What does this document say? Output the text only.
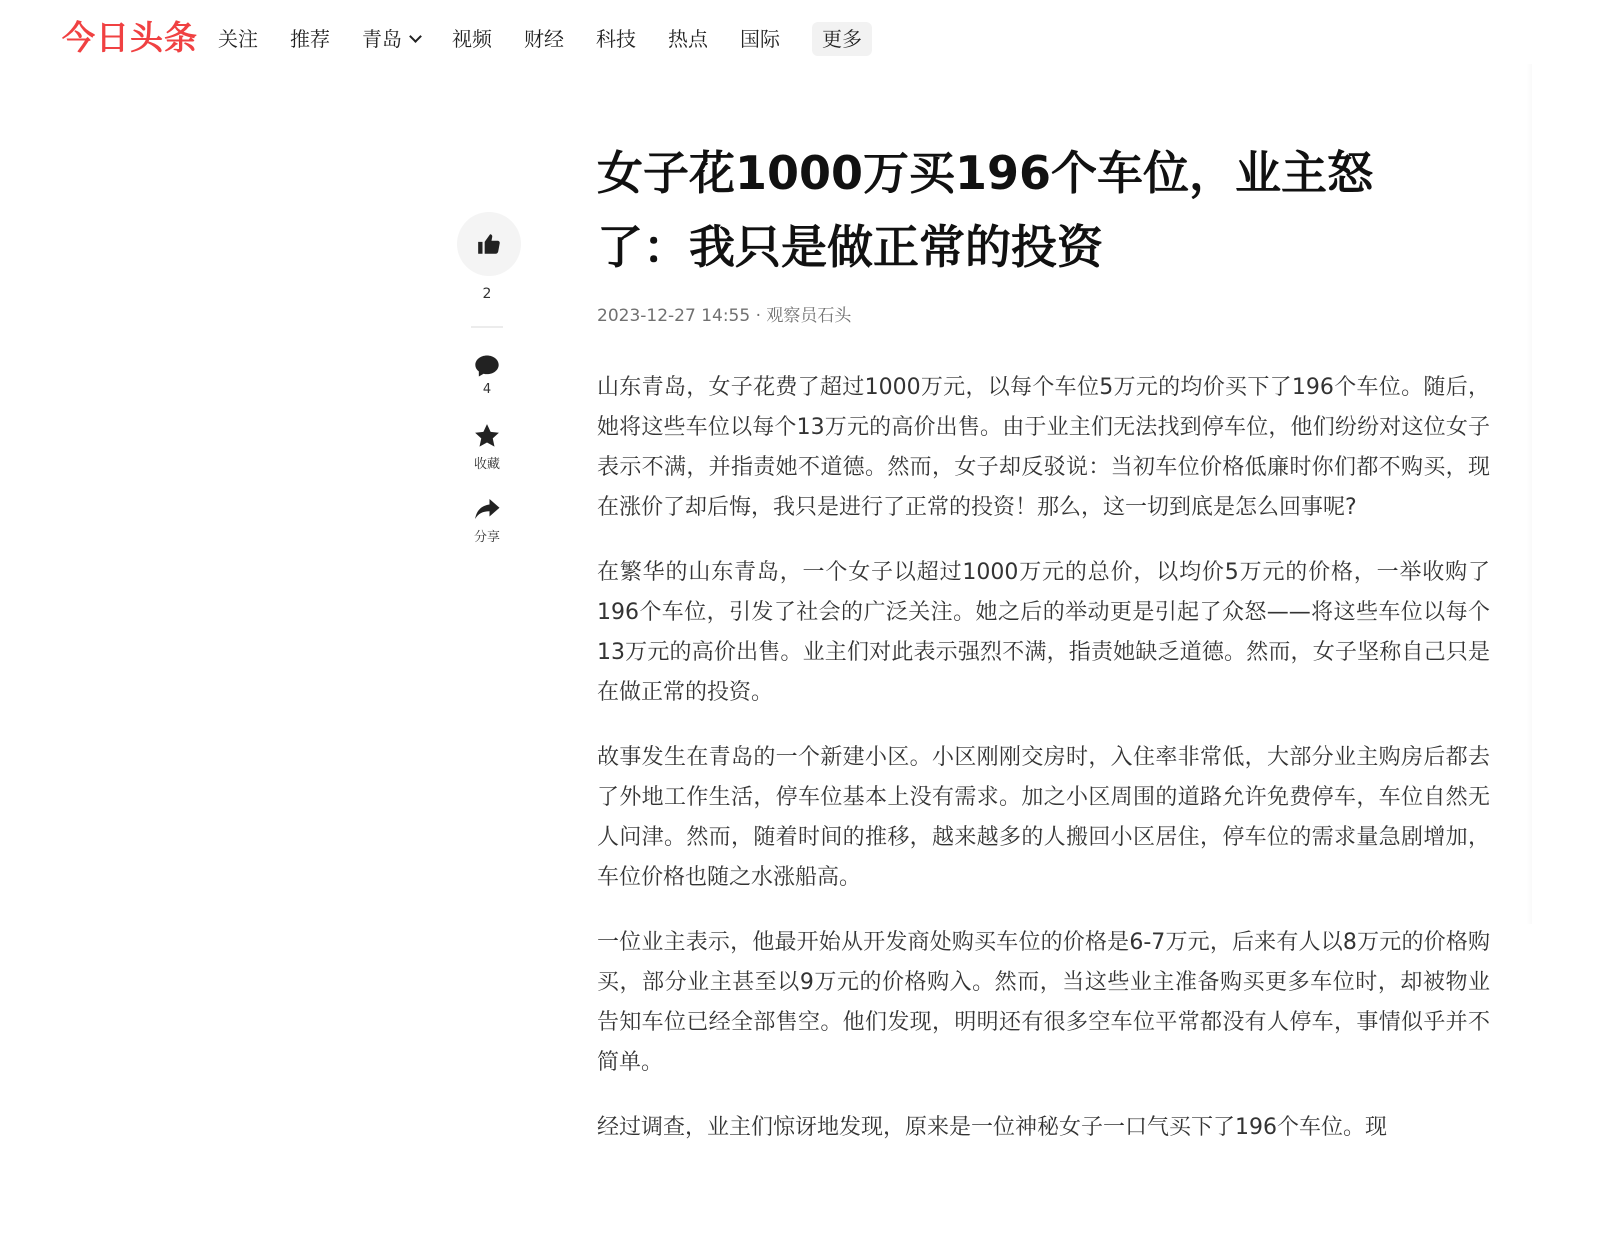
今日头条 关注 推荐 青岛	视频 财经 科技 热点 国际 更多
2
4
收藏
分享
女子花1000万买196个车位，业主怒了：我只是做正常的投资
2023-12-27 14:55 · 观察员石头

山东青岛，女子花费了超过1000万元，以每个车位5万元的均价买下了196个车位。随后，她将这些车位以每个13万元的高价出售。由于业主们无法找到停车位，他们纷纷对这位女子表示不满，并指责她不道德。然而，女子却反驳说：当初车位价格低廉时你们都不购买，现在涨价了却后悔，我只是进行了正常的投资！那么，这一切到底是怎么回事呢?

在繁华的山东青岛，一个女子以超过1000万元的总价，以均价5万元的价格，一举收购了196个车位，引发了社会的广泛关注。她之后的举动更是引起了众怒——将这些车位以每个13万元的高价出售。业主们对此表示强烈不满，指责她缺乏道德。然而，女子坚称自己只是在做正常的投资。

故事发生在青岛的一个新建小区。小区刚刚交房时，入住率非常低，大部分业主购房后都去了外地工作生活，停车位基本上没有需求。加之小区周围的道路允许免费停车，车位自然无人问津。然而，随着时间的推移，越来越多的人搬回小区居住，停车位的需求量急剧增加，车位价格也随之水涨船高。

一位业主表示，他最开始从开发商处购买车位的价格是6-7万元，后来有人以8万元的价格购买，部分业主甚至以9万元的价格购入。然而，当这些业主准备购买更多车位时，却被物业告知车位已经全部售空。他们发现，明明还有很多空车位平常都没有人停车，事情似乎并不简单。

经过调查，业主们惊讶地发现，原来是一位神秘女子一口气买下了196个车位。现
